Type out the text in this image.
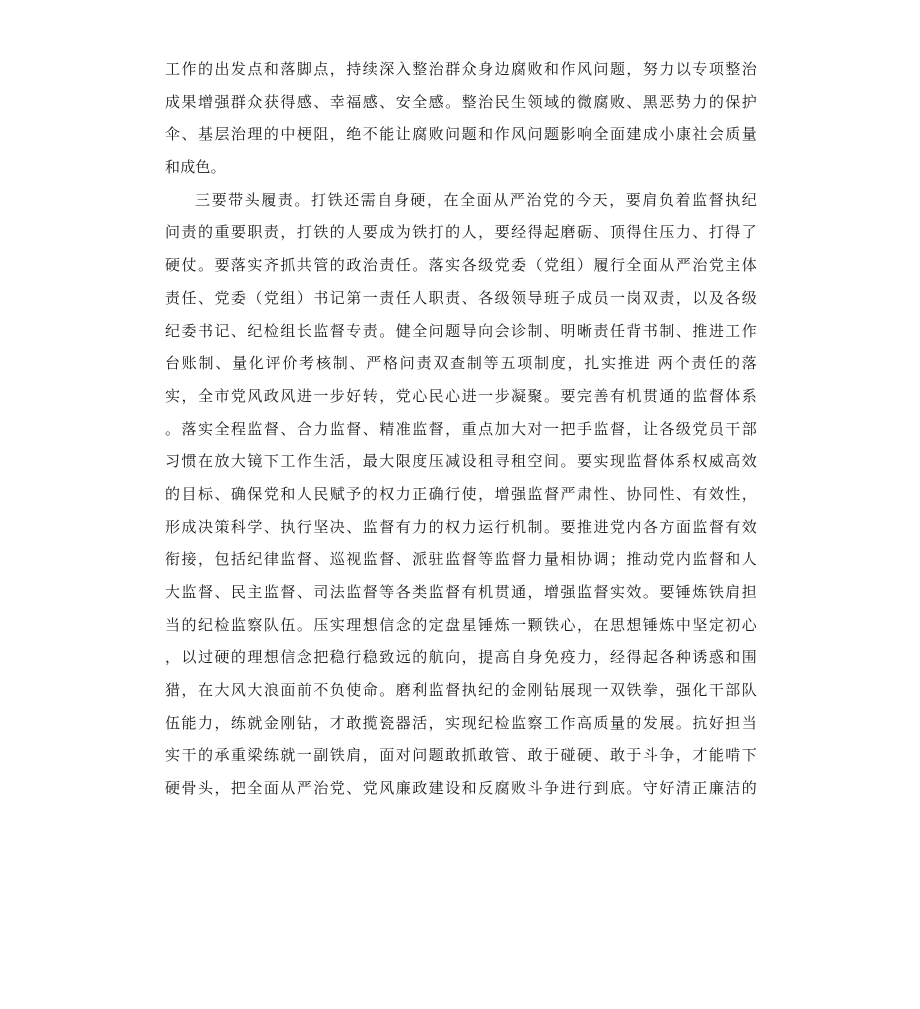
工作的出发点和落脚点，持续深入整治群众身边腐败和作风问题，努力以专项整治
成果增强群众获得感、幸福感、安全感。整治民生领域的微腐败、黑恶势力的保护
伞、基层治理的中梗阻，绝不能让腐败问题和作风问题影响全面建成小康社会质量
和成色。
三要带头履责。打铁还需自身硬，在全面从严治党的今天，要肩负着监督执纪
问责的重要职责，打铁的人要成为铁打的人，要经得起磨砺、顶得住压力、打得了
硬仗。要落实齐抓共管的政治责任。落实各级党委（党组）履行全面从严治党主体
责任、党委（党组）书记第一责任人职责、各级领导班子成员一岗双责，以及各级
纪委书记、纪检组长监督专责。健全问题导向会诊制、明晰责任背书制、推进工作
台账制、量化评价考核制、严格问责双查制等五项制度，扎实推进 两个责任的落
实，全市党风政风进一步好转，党心民心进一步凝聚。要完善有机贯通的监督体系
。落实全程监督、合力监督、精准监督，重点加大对一把手监督，让各级党员干部
习惯在放大镜下工作生活，最大限度压减设租寻租空间。要实现监督体系权威高效
的目标、确保党和人民赋予的权力正确行使，增强监督严肃性、协同性、有效性，
形成决策科学、执行坚决、监督有力的权力运行机制。要推进党内各方面监督有效
衔接，包括纪律监督、巡视监督、派驻监督等监督力量相协调；推动党内监督和人
大监督、民主监督、司法监督等各类监督有机贯通，增强监督实效。要锤炼铁肩担
当的纪检监察队伍。压实理想信念的定盘星锤炼一颗铁心，在思想锤炼中坚定初心
，以过硬的理想信念把稳行稳致远的航向，提高自身免疫力，经得起各种诱惑和围
猎，在大风大浪面前不负使命。磨利监督执纪的金刚钻展现一双铁拳，强化干部队
伍能力，练就金刚钻，才敢揽瓷器活，实现纪检监察工作高质量的发展。抗好担当
实干的承重梁练就一副铁肩，面对问题敢抓敢管、敢于碰硬、敢于斗争，才能啃下
硬骨头，把全面从严治党、党风廉政建设和反腐败斗争进行到底。守好清正廉洁的
